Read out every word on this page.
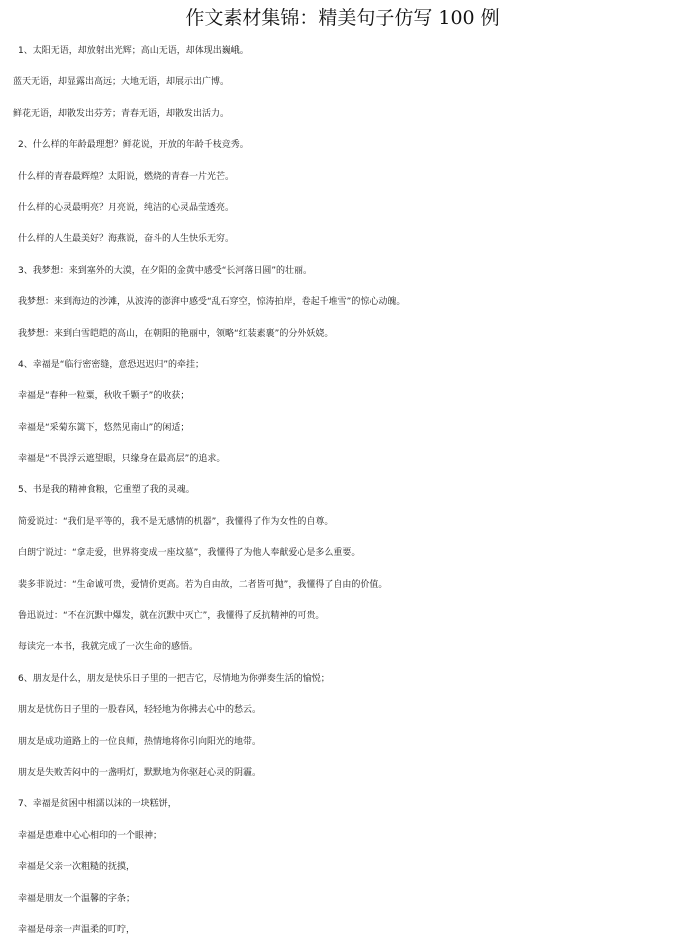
作文素材集锦：精美句子仿写 100 例
1、太阳无语，却放射出光辉；高山无语，却体现出巍峨。
蓝天无语，却显露出高远；大地无语，却展示出广博。
鲜花无语，却散发出芬芳；青春无语，却散发出活力。
2、什么样的年龄最理想？鲜花说，开放的年龄千枝竞秀。
什么样的青春最辉煌？太阳说，燃烧的青春一片光芒。
什么样的心灵最明亮？月亮说，纯洁的心灵晶莹透亮。
什么样的人生最美好？海燕说，奋斗的人生快乐无穷。
3、我梦想：来到塞外的大漠，在夕阳的金黄中感受“长河落日圆”的壮丽。
我梦想：来到海边的沙滩，从波涛的澎湃中感受“乱石穿空，惊涛拍岸，卷起千堆雪”的惊心动魄。
我梦想：来到白雪皑皑的高山，在朝阳的艳丽中，领略“红装素裹”的分外妖娆。
4、幸福是“临行密密缝，意恐迟迟归”的牵挂；
幸福是“春种一粒粟，秋收千颗子”的收获；
幸福是“采菊东篱下，悠然见南山”的闲适；
幸福是“不畏浮云遮望眼，只缘身在最高层”的追求。
5、书是我的精神食粮，它重塑了我的灵魂。
简爱说过：“我们是平等的，我不是无感情的机器”，我懂得了作为女性的自尊。
白朗宁说过：“拿走爱，世界将变成一座坟墓”，我懂得了为他人奉献爱心是多么重要。
裴多菲说过：“生命诚可贵，爱情价更高。若为自由故，二者皆可抛”，我懂得了自由的价值。
鲁迅说过：“不在沉默中爆发，就在沉默中灭亡”，我懂得了反抗精神的可贵。
每读完一本书，我就完成了一次生命的感悟。
6、朋友是什么，朋友是快乐日子里的一把吉它，尽情地为你弹奏生活的愉悦；
朋友是忧伤日子里的一股春风，轻轻地为你拂去心中的愁云。
朋友是成功道路上的一位良师，热情地将你引向阳光的地带。
朋友是失败苦闷中的一盏明灯，默默地为你驱赶心灵的阴霾。
7、幸福是贫困中相濡以沫的一块糕饼，
幸福是患难中心心相印的一个眼神；
幸福是父亲一次粗糙的抚摸，
幸福是朋友一个温馨的字条；
幸福是母亲一声温柔的叮咛，
